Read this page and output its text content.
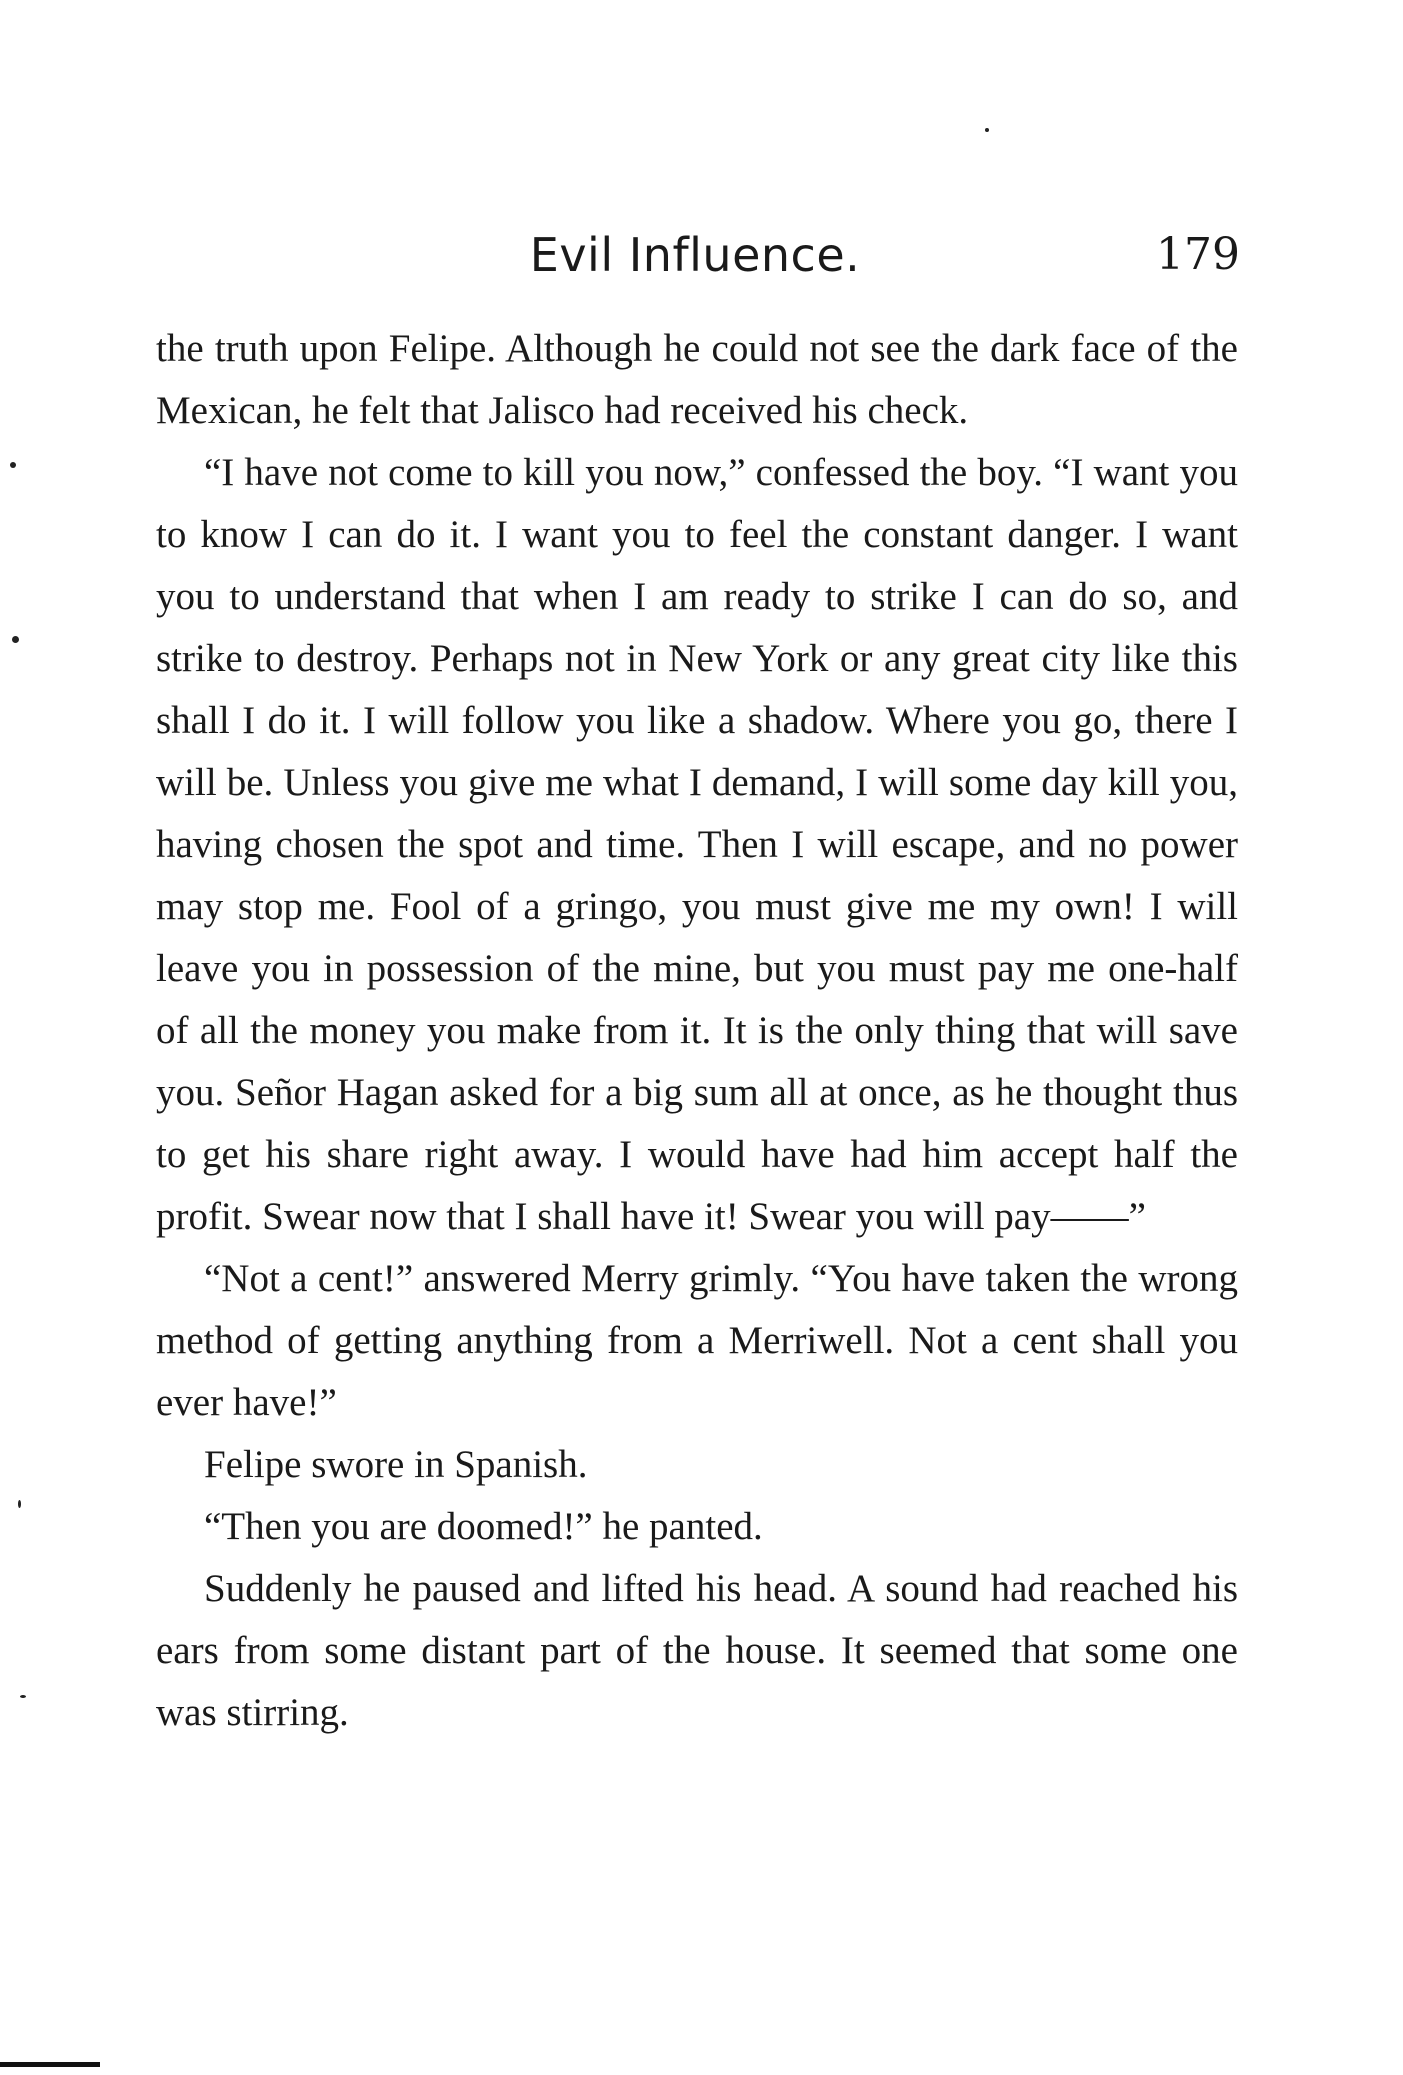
Evil Influence.	179

the truth upon Felipe. Although he could not see the dark face of the Mexican, he felt that Jalisco had received his check.

“I have not come to kill you now,” confessed the boy. “I want you to know I can do it. I want you to feel the constant danger. I want you to understand that when I am ready to strike I can do so, and strike to destroy. Perhaps not in New York or any great city like this shall I do it. I will follow you like a shadow. Where you go, there I will be. Unless you give me what I demand, I will some day kill you, having chosen the spot and time. Then I will escape, and no power may stop me. Fool of a gringo, you must give me my own! I will leave you in possession of the mine, but you must pay me one-half of all the money you make from it. It is the only thing that will save you. Señor Hagan asked for a big sum all at once, as he thought thus to get his share right away. I would have had him accept half the profit. Swear now that I shall have it! Swear you will pay——”

“Not a cent!” answered Merry grimly. “You have taken the wrong method of getting anything from a Merriwell. Not a cent shall you ever have!”

Felipe swore in Spanish.

“Then you are doomed!” he panted.

Suddenly he paused and lifted his head. A sound had reached his ears from some distant part of the house. It seemed that some one was stirring.
